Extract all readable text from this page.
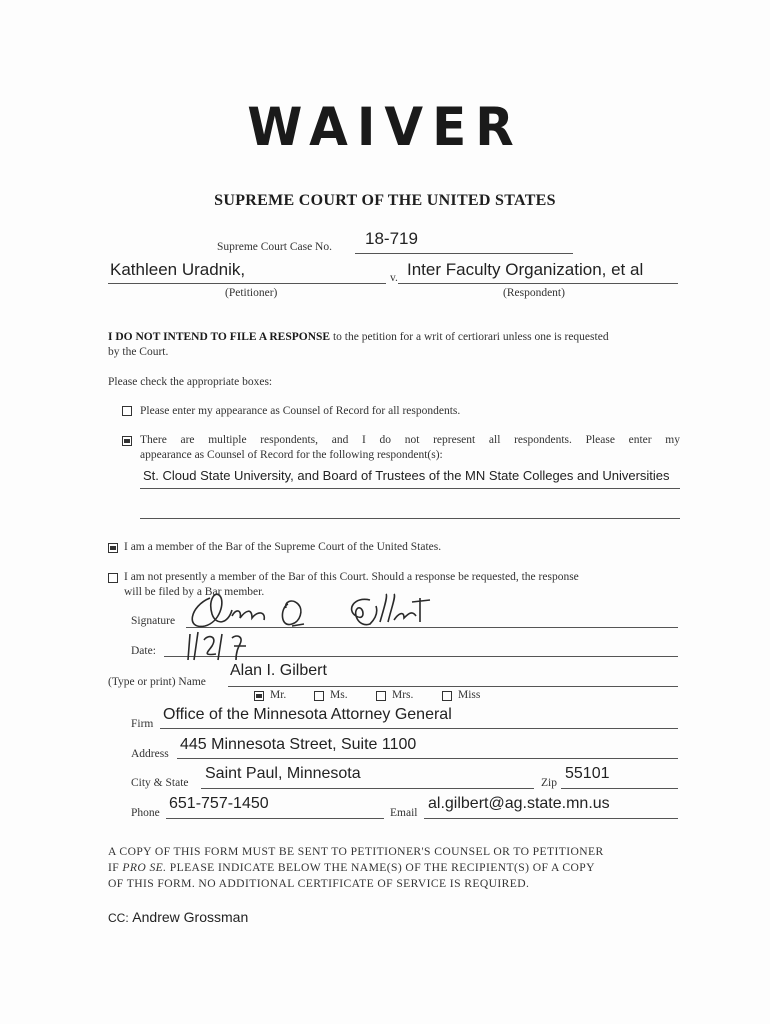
WAIVER
SUPREME COURT OF THE UNITED STATES
Supreme Court Case No. 18-719
Kathleen Uradnik,	v. Inter Faculty Organization, et al
(Petitioner)	(Respondent)
I DO NOT INTEND TO FILE A RESPONSE to the petition for a writ of certiorari unless one is requested
by the Court.
Please check the appropriate boxes:
Please enter my appearance as Counsel of Record for all respondents.
There are multiple respondents, and I do not represent all respondents. Please enter my
appearance as Counsel of Record for the following respondent(s):
St. Cloud State University, and Board of Trustees of the MN State Colleges and Universities
I am a member of the Bar of the Supreme Court of the United States.
I am not presently a member of the Bar of this Court. Should a response be requested, the response
will be filed by a Bar member.
Signature
Date:
(Type or print) Name
Alan I. Gilbert
Mr.	Ms.	Mrs.	Miss
Firm
Office of the Minnesota Attorney General
Address
445 Minnesota Street, Suite 1100
City & State
Saint Paul, Minnesota
Zip
55101
Phone
651-757-1450
Email
al.gilbert@ag.state.mn.us
A COPY OF THIS FORM MUST BE SENT TO PETITIONER'S COUNSEL OR TO PETITIONER
IF PRO SE. PLEASE INDICATE BELOW THE NAME(S) OF THE RECIPIENT(S) OF A COPY
OF THIS FORM. NO ADDITIONAL CERTIFICATE OF SERVICE IS REQUIRED.
CC: Andrew Grossman
